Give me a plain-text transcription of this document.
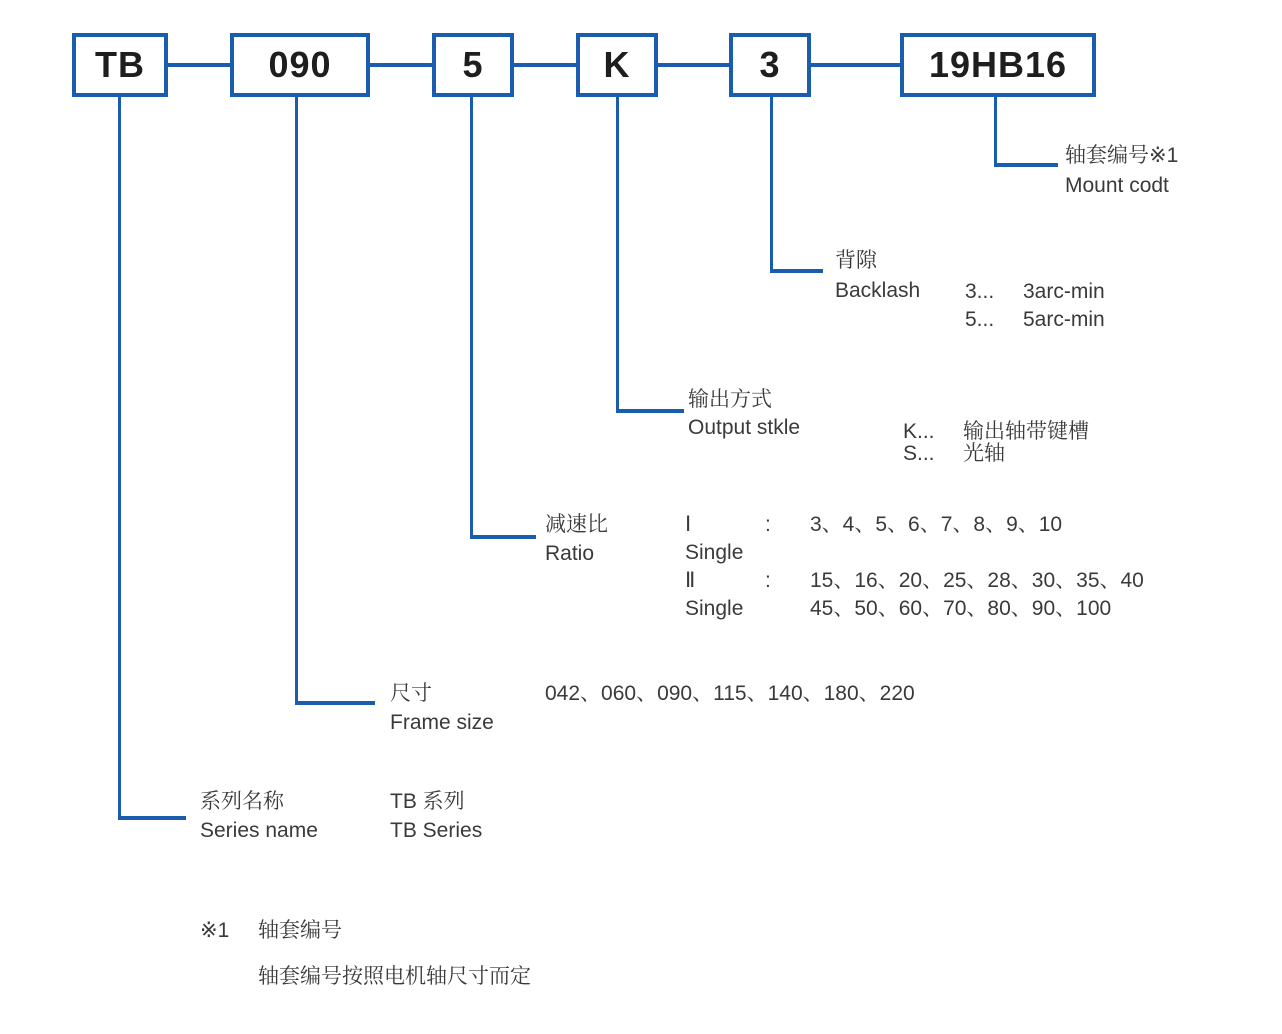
TB	090	5	K	3	19HB16
轴套编号※1
Mount codt
背隙
Backlash 3... 3arc-min
5... 5arc-min
输出方式
Output stkle	K... 输出轴带键槽
S... 光轴
减速比
Ratio
Ⅰ	: 3、4、5、6、7、8、9、10
Single
Ⅱ	: 15、16、20、25、28、30、35、40
Single	45、50、60、70、80、90、100
尺寸
Frame size
042、060、090、115、140、180、220
系列名称
Series name
TB 系列
TB Series
※1 轴套编号
轴套编号按照电机轴尺寸而定
